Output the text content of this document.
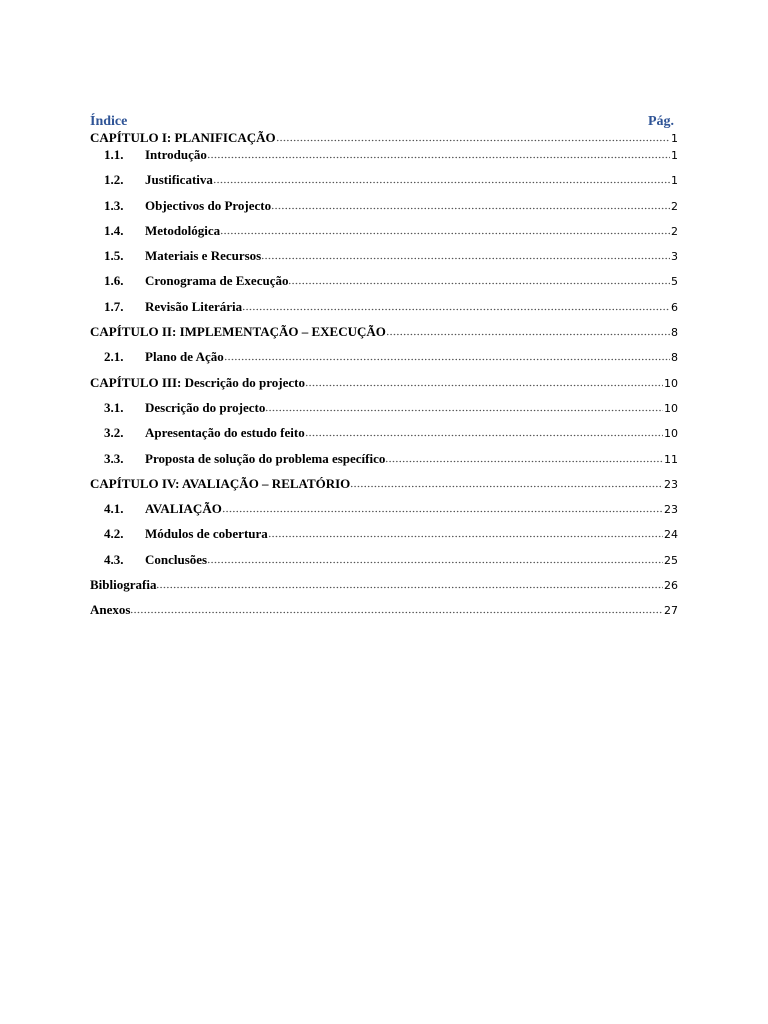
Índice	Pág.
CAPÍTULO I: PLANIFICAÇÃO	1
1.1.	Introdução	1
1.2.	Justificativa	1
1.3.	Objectivos do Projecto	2
1.4.	Metodológica	2
1.5.	Materiais e Recursos	3
1.6.	Cronograma de Execução	5
1.7.	Revisão Literária	6
CAPÍTULO II: IMPLEMENTAÇÃO – EXECUÇÃO	8
2.1.	Plano de Ação	8
CAPÍTULO III: Descrição do projecto	10
3.1.	Descrição do projecto	10
3.2.	Apresentação do estudo feito	10
3.3.	Proposta de solução do problema específico	11
CAPÍTULO IV: AVALIAÇÃO – RELATÓRIO	23
4.1.	AVALIAÇÃO	23
4.2.	Módulos de cobertura	24
4.3.	Conclusões	25
Bibliografia	26
Anexos	27
